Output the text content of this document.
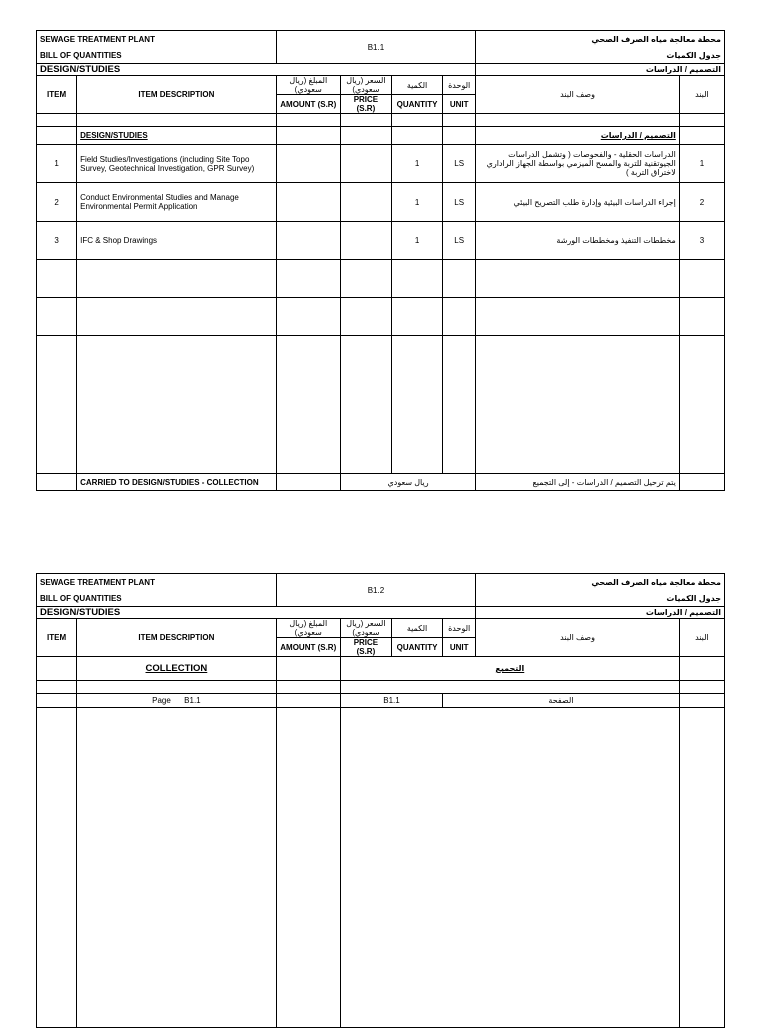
SEWAGE TREATMENT PLANT		B1.1				محطة معالجة مياه الصرف الصحي	
BILL OF QUANTITIES						جدول الكميات	
DESIGN/STUDIES						التصميم / الدراسات	
ITEM	ITEM DESCRIPTION	المبلغ (ريال سعودي)	السعر (ريال سعودي)	الكمية	الوحدة	وصف البند	البند
		AMOUNT (S.R)	PRICE (S.R)	QUANTITY	UNIT		

	DESIGN/STUDIES					التصميم / الدراسات	
1	Field Studies/Investigations (including Site Topo Survey, Geotechnical Investigation, GPR Survey)			1	LS	الدراسات الحقلية - والفحوصات ( وتشمل الدراسات الجيوتقنية للتربة والمسح الميزمي بواسطة الجهاز الراداري لاختراق التربة )	1
2	Conduct Environmental Studies and Manage Environmental Permit Application			1	LS	إجراء الدراسات البيئية وإدارة طلب التصريح البيئي	2
3	IFC & Shop Drawings			1	LS	مخططات التنفيذ ومخططات الورشة	3

	CARRIED TO DESIGN/STUDIES - COLLECTION		ريال سعودي			يتم ترحيل التصميم / الدراسات - إلى التجميع	
SEWAGE TREATMENT PLANT		B1.2				محطة معالجة مياه الصرف الصحي	
BILL OF QUANTITIES						جدول الكميات	
DESIGN/STUDIES						التصميم / الدراسات	
ITEM	ITEM DESCRIPTION	المبلغ (ريال سعودي)	السعر (ريال سعودي)	الكمية	الوحدة	وصف البند	البند
		AMOUNT (S.R)	PRICE (S.R)	QUANTITY	UNIT		
	COLLECTION		التجميع				

	Page B1.1		B1.1		الصفحة		
